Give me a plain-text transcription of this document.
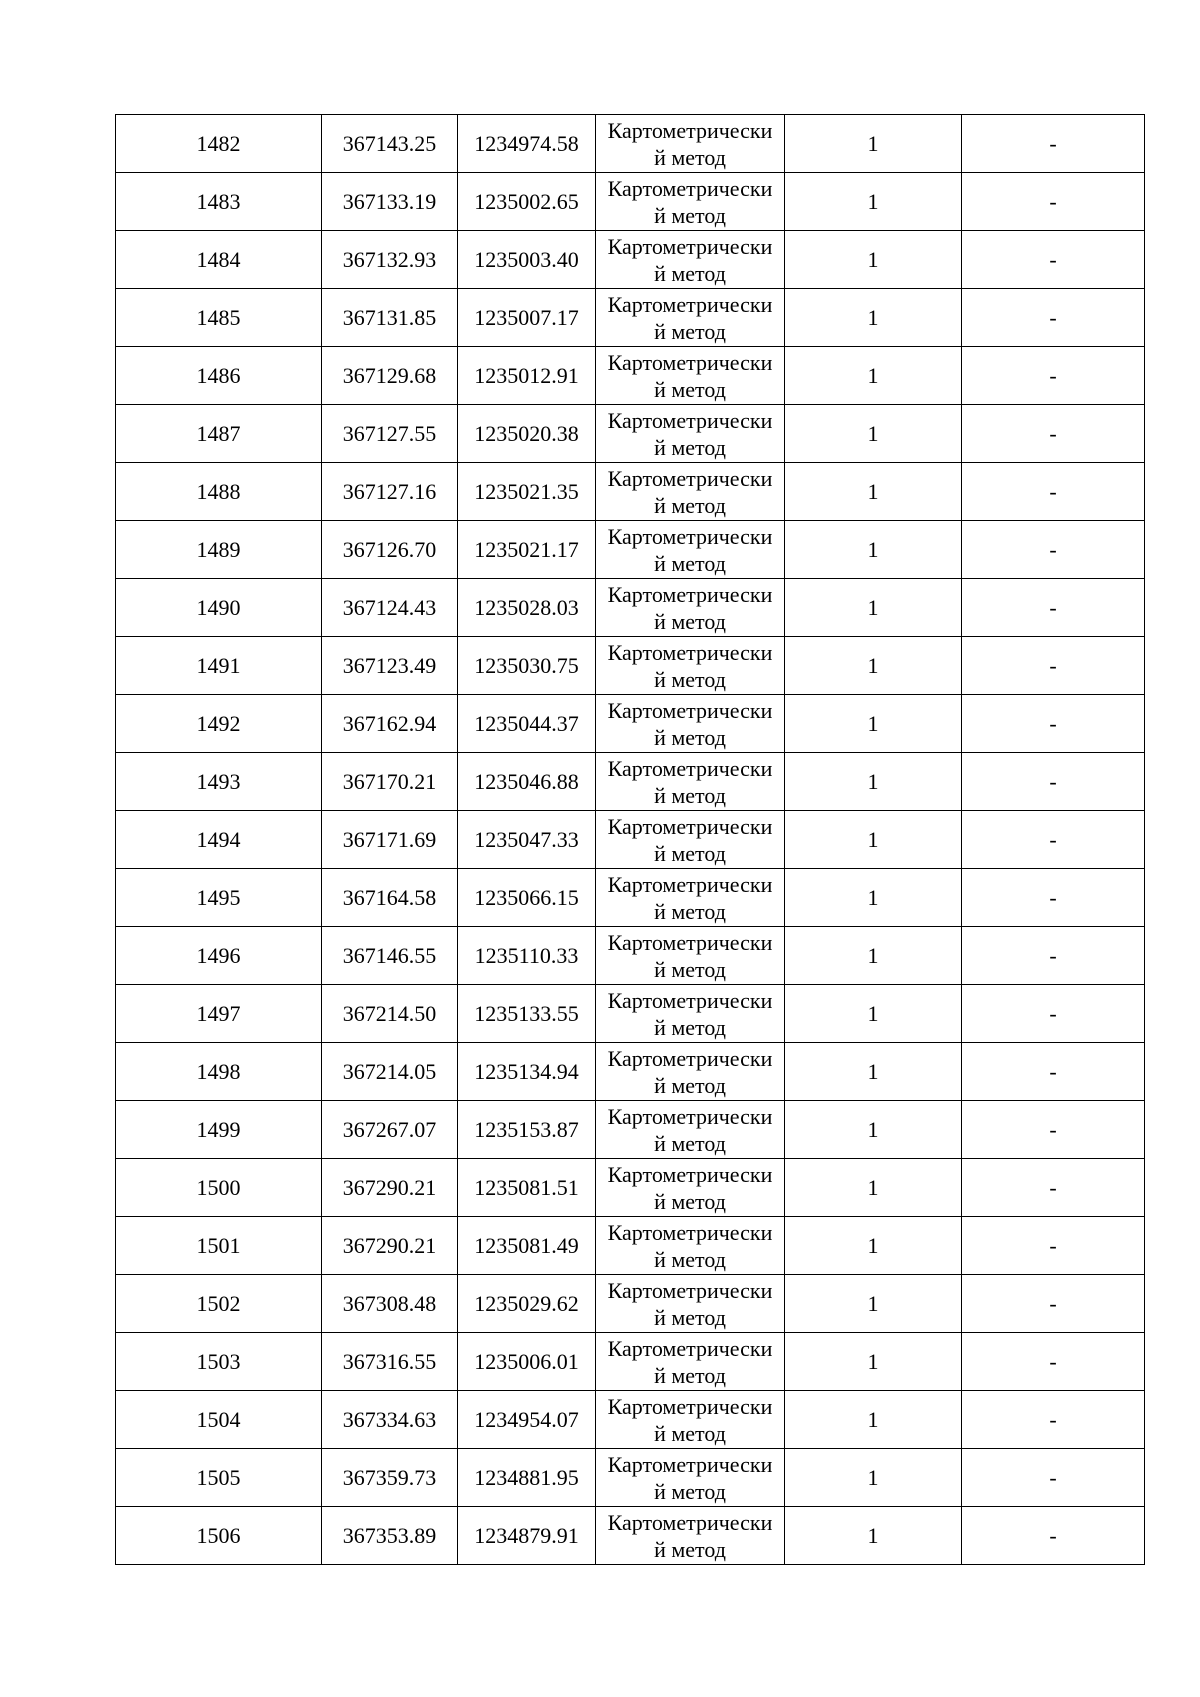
1482	367143.25	1234974.58	Картометрически
й метод	1	-
1483	367133.19	1235002.65	Картометрически
й метод	1	-
1484	367132.93	1235003.40	Картометрически
й метод	1	-
1485	367131.85	1235007.17	Картометрически
й метод	1	-
1486	367129.68	1235012.91	Картометрически
й метод	1	-
1487	367127.55	1235020.38	Картометрически
й метод	1	-
1488	367127.16	1235021.35	Картометрически
й метод	1	-
1489	367126.70	1235021.17	Картометрически
й метод	1	-
1490	367124.43	1235028.03	Картометрически
й метод	1	-
1491	367123.49	1235030.75	Картометрически
й метод	1	-
1492	367162.94	1235044.37	Картометрически
й метод	1	-
1493	367170.21	1235046.88	Картометрически
й метод	1	-
1494	367171.69	1235047.33	Картометрически
й метод	1	-
1495	367164.58	1235066.15	Картометрически
й метод	1	-
1496	367146.55	1235110.33	Картометрически
й метод	1	-
1497	367214.50	1235133.55	Картометрически
й метод	1	-
1498	367214.05	1235134.94	Картометрически
й метод	1	-
1499	367267.07	1235153.87	Картометрически
й метод	1	-
1500	367290.21	1235081.51	Картометрически
й метод	1	-
1501	367290.21	1235081.49	Картометрически
й метод	1	-
1502	367308.48	1235029.62	Картометрически
й метод	1	-
1503	367316.55	1235006.01	Картометрически
й метод	1	-
1504	367334.63	1234954.07	Картометрически
й метод	1	-
1505	367359.73	1234881.95	Картометрически
й метод	1	-
1506	367353.89	1234879.91	Картометрически
й метод	1	-
